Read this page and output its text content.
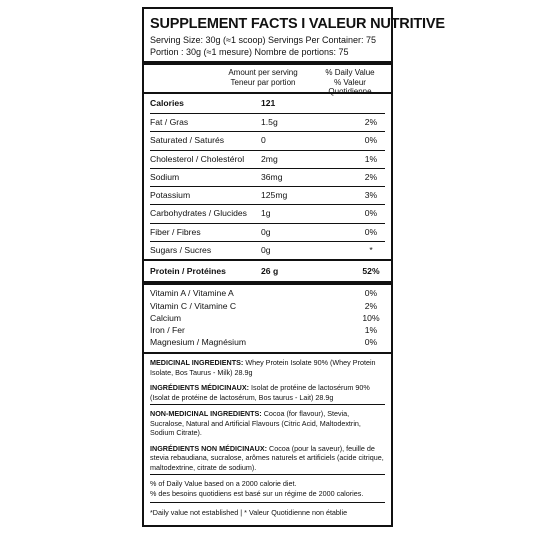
SUPPLEMENT FACTS I VALEUR NUTRITIVE
Serving Size: 30g (≈1 scoop) Servings Per Container: 75
Portion : 30g (≈1 mesure) Nombre de portions: 75
Amount per serving
Teneur par portion
% Daily Value
% Valeur Quotidienne
Calories	121
Fat / Gras	1.5g	2%
Saturated / Saturés	0	0%
Cholesterol / Cholestérol 2mg	1%
Sodium	36mg	2%
Potassium	125mg	3%
Carbohydrates / Glucides 1g	0%
Fiber / Fibres	0g	0%
Sugars / Sucres	0g	*
Protein / Protéines	26 g	52%
Vitamin A / Vitamine A	0%
Vitamin C / Vitamine C	2%
Calcium	10%
Iron / Fer	1%
Magnesium / Magnésium	0%
MEDICINAL INGREDIENTS: Whey Protein Isolate 90% (Whey Protein Isolate, Bos Taurus - Milk) 28.9g
INGRÉDIENTS MÉDICINAUX: Isolat de protéine de lactosérum 90% (Isolat de protéine de lactosérum, Bos taurus - Lait) 28.9g
NON-MEDICINAL INGREDIENTS: Cocoa (for flavour), Stevia, Sucralose, Natural and Artificial Flavours (Citric Acid, Maltodextrin, Sodium Citrate).
INGRÉDIENTS NON MÉDICINAUX: Cocoa (pour la saveur), feuille de stevia rebaudiana, sucralose, arômes naturels et artificiels (acide citrique, maltodextrine, citrate de sodium).
% of Daily Value based on a 2000 calorie diet.
% des besoins quotidiens est basé sur un régime de 2000 calories.
*Daily value not established | * Valeur Quotidienne non établie
